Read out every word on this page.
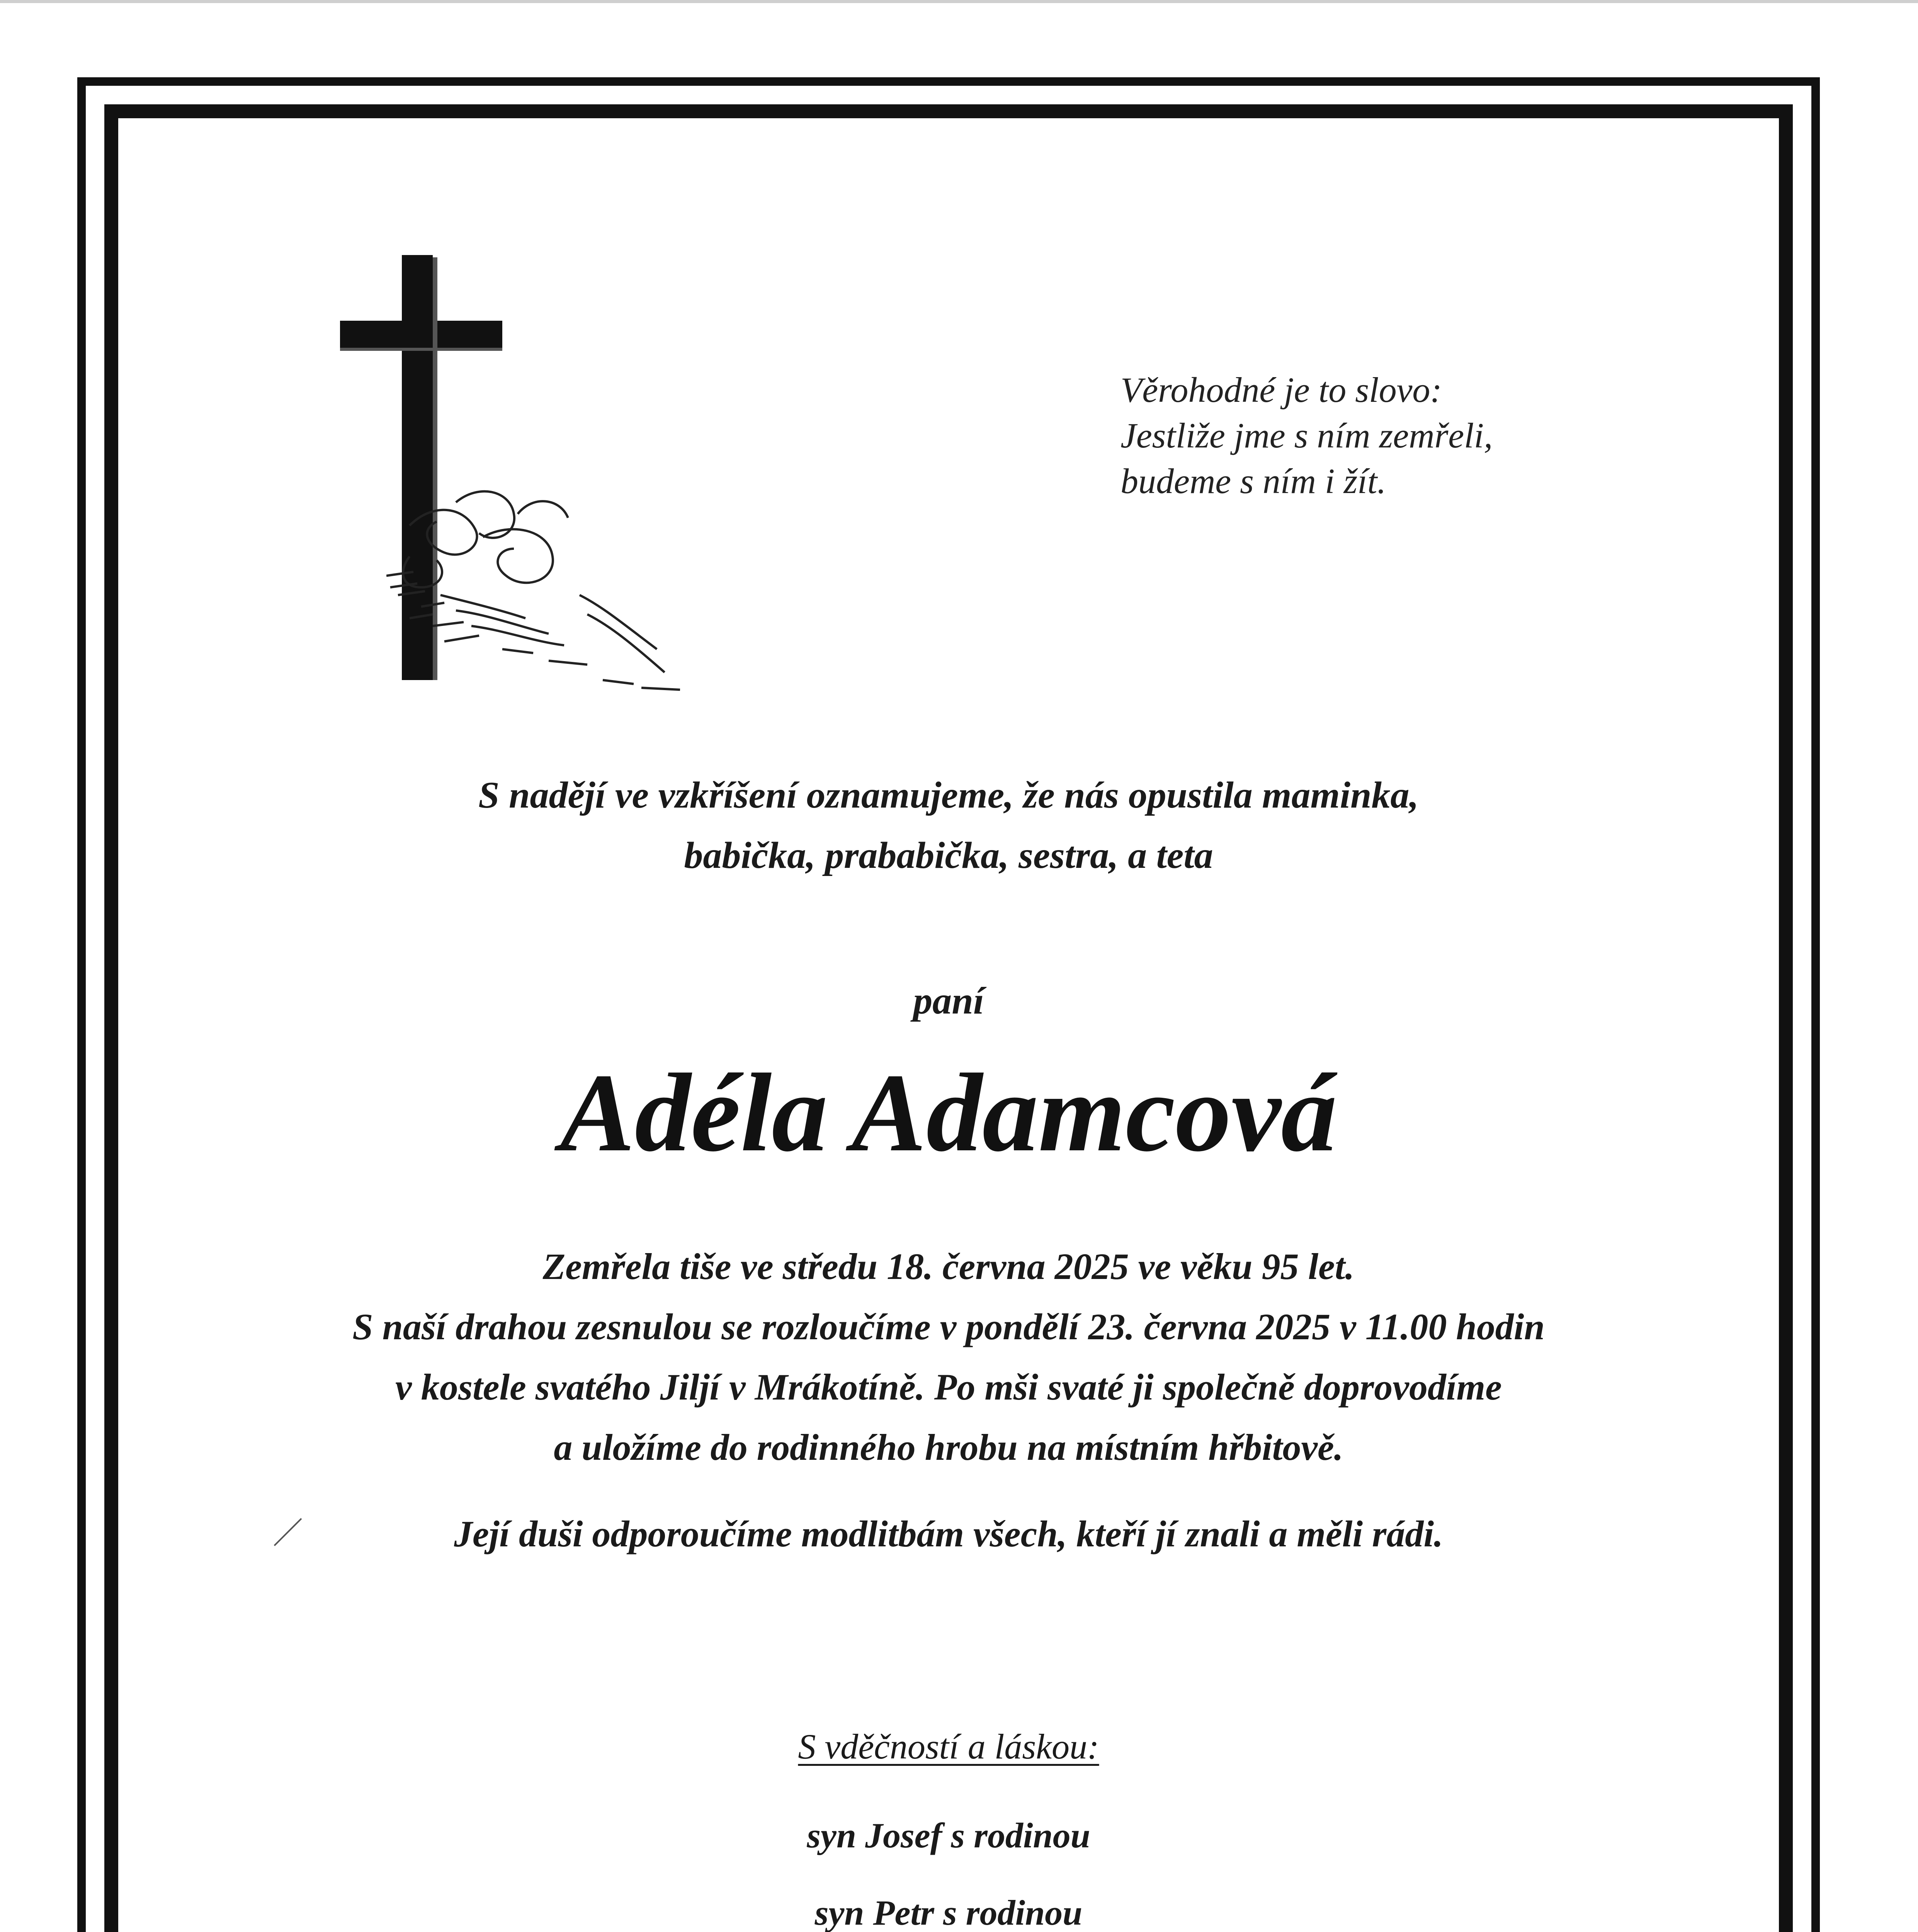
Věrohodné je to slovo:
Jestliže jme s ním zemřeli,
budeme s ním i žít.
S nadějí ve vzkříšení oznamujeme, že nás opustila maminka,
babička, prababička, sestra, a teta
paní
Adéla Adamcová
Zemřela tiše ve středu 18. června 2025 ve věku 95 let.
S naší drahou zesnulou se rozloučíme v pondělí 23. června 2025 v 11.00 hodin
v kostele svatého Jiljí v Mrákotíně. Po mši svaté ji společně doprovodíme
a uložíme do rodinného hrobu na místním hřbitově.
Její duši odporoučíme modlitbám všech, kteří jí znali a měli rádi.
S vděčností a láskou:
syn Josef s rodinou
syn Petr s rodinou
